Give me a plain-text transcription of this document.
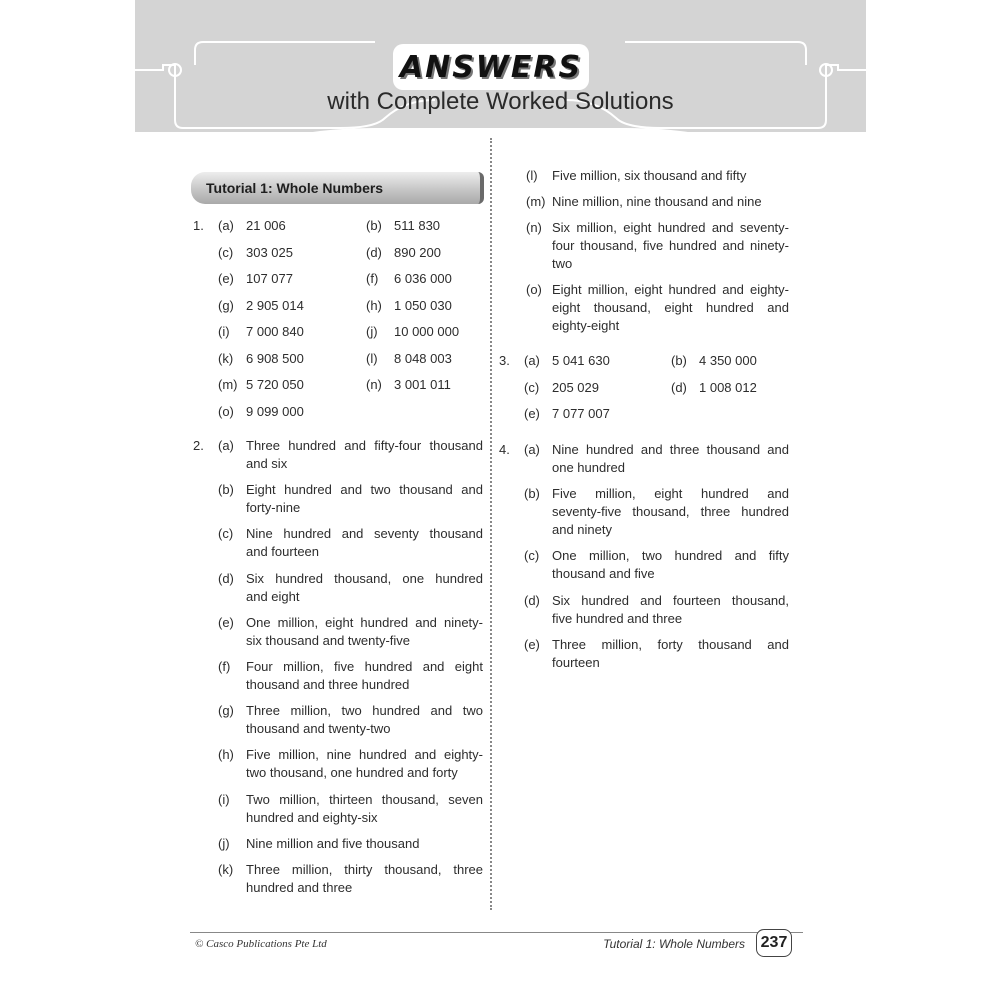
ANSWERS
with Complete Worked Solutions
Tutorial 1: Whole Numbers
1. (a) 21 006	(b) 511 830
(c) 303 025	(d) 890 200
(e) 107 077	(f) 6 036 000
(g) 2 905 014	(h) 1 050 030
(i) 7 000 840	(j) 10 000 000
(k) 6 908 500	(l) 8 048 003
(m) 5 720 050	(n) 3 001 011
(o) 9 099 000
2. (a) Three hundred and fifty-four thousand
and six
(b) Eight hundred and two thousand and
forty-nine
(c) Nine hundred and seventy thousand
and fourteen
(d) Six hundred thousand, one hundred
and eight
(e) One million, eight hundred and ninety-
six thousand and twenty-five
(f) Four million, five hundred and eight
thousand and three hundred
(g) Three million, two hundred and two
thousand and twenty-two
(h) Five million, nine hundred and eighty-
two thousand, one hundred and forty
(i) Two million, thirteen thousand, seven
hundred and eighty-six
(j) Nine million and five thousand
(k) Three million, thirty thousand, three
hundred and three
(l) Five million, six thousand and fifty
(m) Nine million, nine thousand and nine
(n) Six million, eight hundred and seventy-
four thousand, five hundred and ninety-
two
(o) Eight million, eight hundred and eighty-
eight thousand, eight hundred and
eighty-eight
3. (a) 5 041 630	(b) 4 350 000
(c) 205 029	(d) 1 008 012
(e) 7 077 007
4. (a) Nine hundred and three thousand and
one hundred
(b) Five million, eight hundred and
seventy-five thousand, three hundred
and ninety
(c) One million, two hundred and fifty
thousand and five
(d) Six hundred and fourteen thousand,
five hundred and three
(e) Three million, forty thousand and
fourteen
© Casco Publications Pte Ltd	Tutorial 1: Whole Numbers 237
